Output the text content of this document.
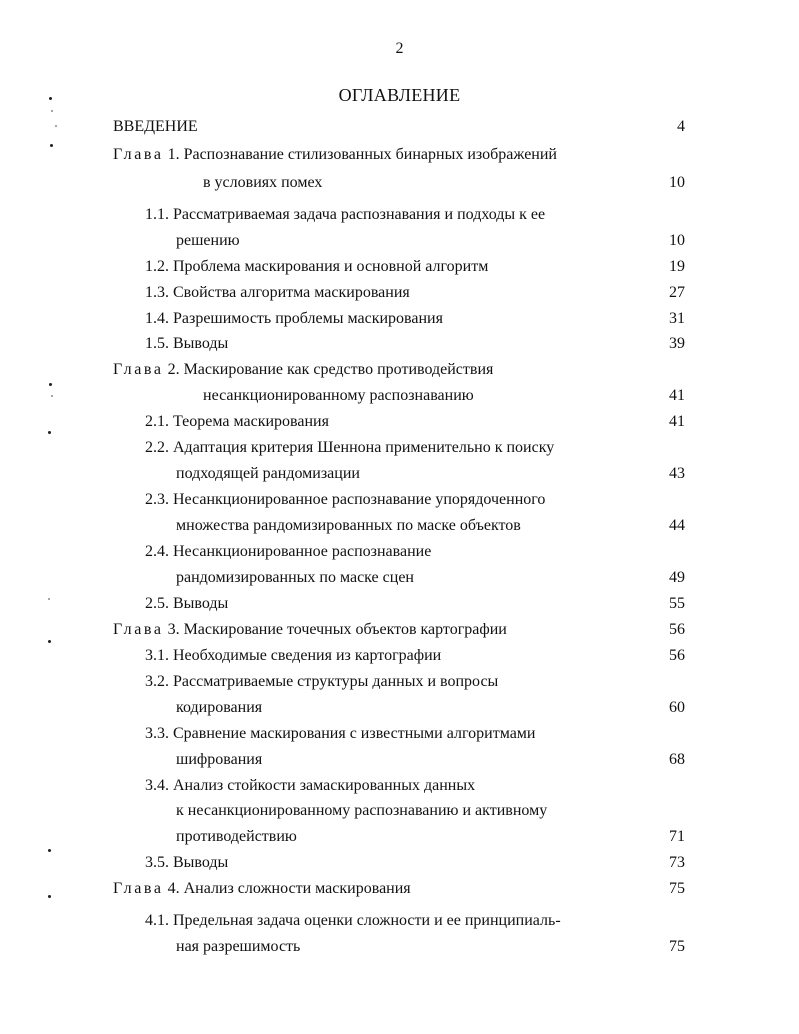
2
ОГЛАВЛЕНИЕ
ВВЕДЕНИЕ	4
Глава 1. Распознавание стилизованных бинарных изображений
в условиях помех	10
1.1. Рассматриваемая задача распознавания и подходы к ее
решению	10
1.2. Проблема маскирования и основной алгоритм	19
1.3. Свойства алгоритма маскирования	27
1.4. Разрешимость проблемы маскирования	31
1.5. Выводы	39
Глава 2. Маскирование как средство противодействия
несанкционированному распознаванию	41
2.1. Теорема маскирования	41
2.2. Адаптация критерия Шеннона применительно к поиску
подходящей рандомизации	43
2.3. Несанкционированное распознавание упорядоченного
множества рандомизированных по маске объектов	44
2.4. Несанкционированное распознавание
рандомизированных по маске сцен	49
2.5. Выводы	55
Глава 3. Маскирование точечных объектов картографии	56
3.1. Необходимые сведения из картографии	56
3.2. Рассматриваемые структуры данных и вопросы
кодирования	60
3.3. Сравнение маскирования с известными алгоритмами
шифрования	68
3.4. Анализ стойкости замаскированных данных
к несанкционированному распознаванию и активному
противодействию	71
3.5. Выводы	73
Глава 4. Анализ сложности маскирования	75
4.1. Предельная задача оценки сложности и ее принципиаль-
ная разрешимость	75
